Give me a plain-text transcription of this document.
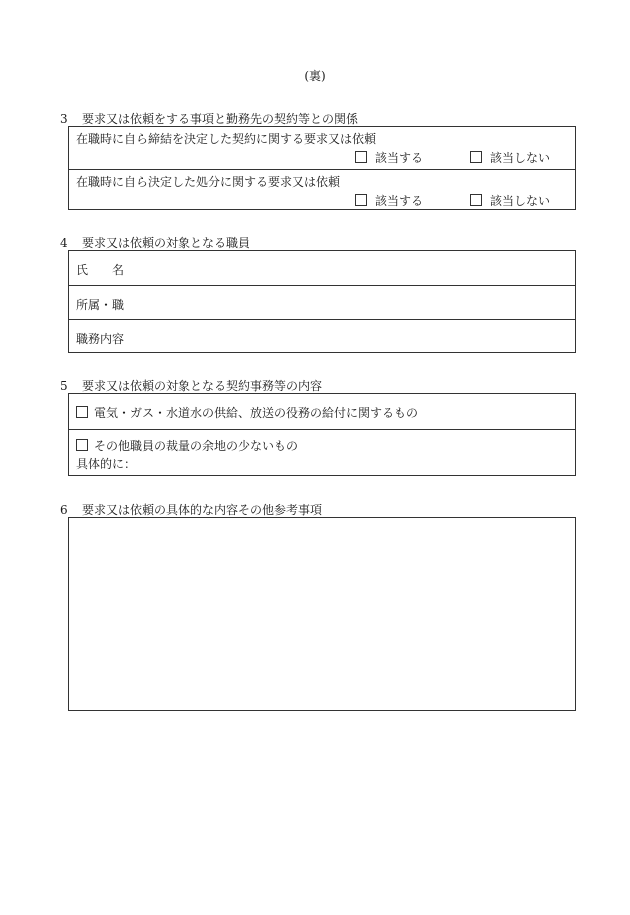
(裏)
3 要求又は依頼をする事項と勤務先の契約等との関係
在職時に自ら締結を決定した契約に関する要求又は依頼
該当する	該当しない
在職時に自ら決定した処分に関する要求又は依頼
該当する	該当しない
4 要求又は依頼の対象となる職員
氏　　名
所属・職
職務内容
5 要求又は依頼の対象となる契約事務等の内容
電気・ガス・水道水の供給、放送の役務の給付に関するもの
その他職員の裁量の余地の少ないもの
具体的に：
6 要求又は依頼の具体的な内容その他参考事項
